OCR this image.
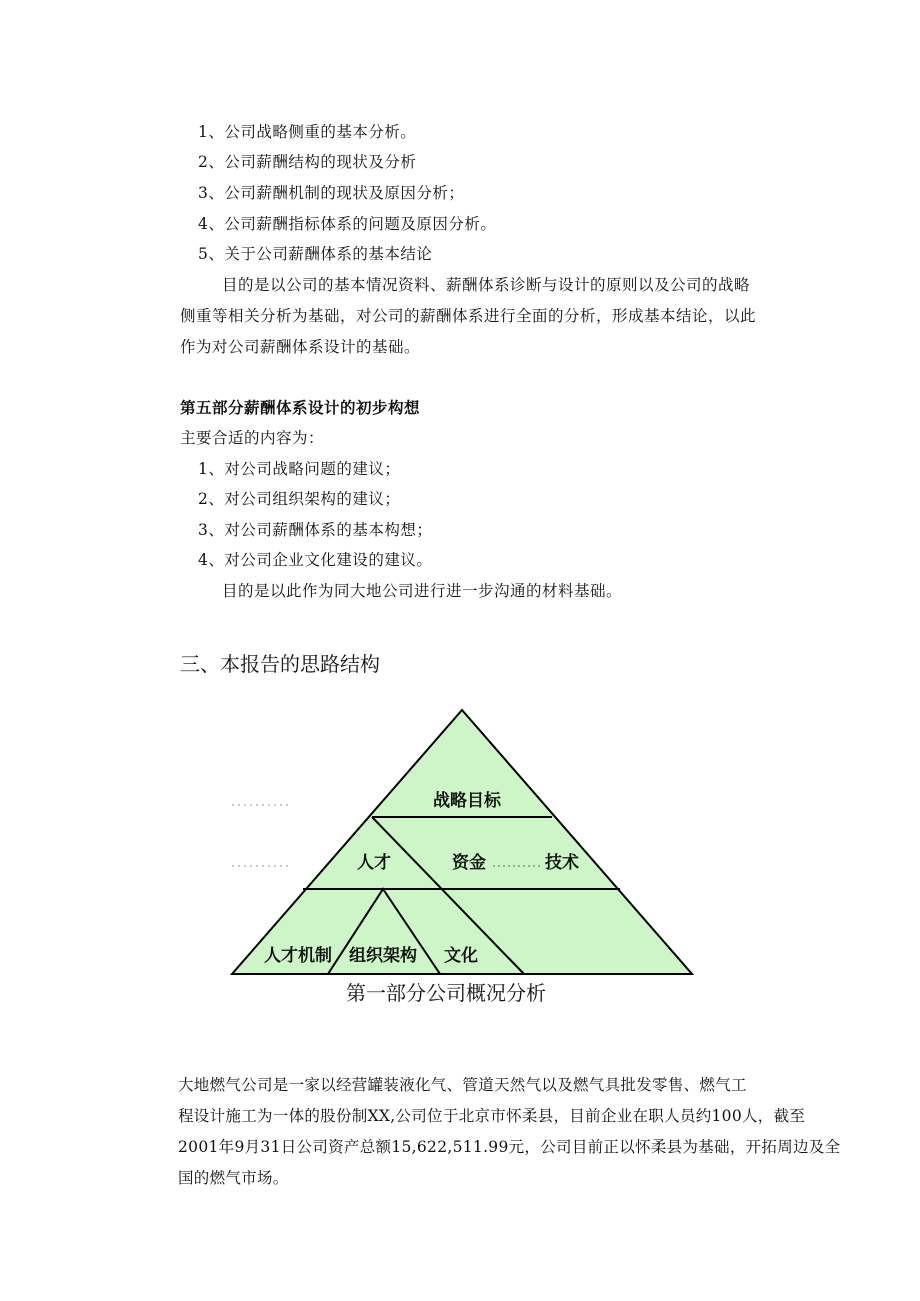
1、公司战略侧重的基本分析。
2、公司薪酬结构的现状及分析
3、公司薪酬机制的现状及原因分析；
4、公司薪酬指标体系的问题及原因分析。
5、关于公司薪酬体系的基本结论
目的是以公司的基本情况资料、薪酬体系诊断与设计的原则以及公司的战略
侧重等相关分析为基础，对公司的薪酬体系进行全面的分析，形成基本结论，以此
作为对公司薪酬体系设计的基础。
第五部分薪酬体系设计的初步构想
主要合适的内容为：
1、对公司战略问题的建议；
2、对公司组织架构的建议；
3、对公司薪酬体系的基本构想；
4、对公司企业文化建设的建议。
目的是以此作为同大地公司进行进一步沟通的材料基础。
三、本报告的思路结构
战略目标
人才	资金	技术
人才机制 组织架构 文化
第一部分公司概况分析
大地燃气公司是一家以经营罐装液化气、管道天然气以及燃气具批发零售、燃气工
程设计施工为一体的股份制XX,公司位于北京市怀柔县，目前企业在职人员约100人，截至
2001年9月31日公司资产总额15,622,511.99元，公司目前正以怀柔县为基础，开拓周边及全
国的燃气市场。
